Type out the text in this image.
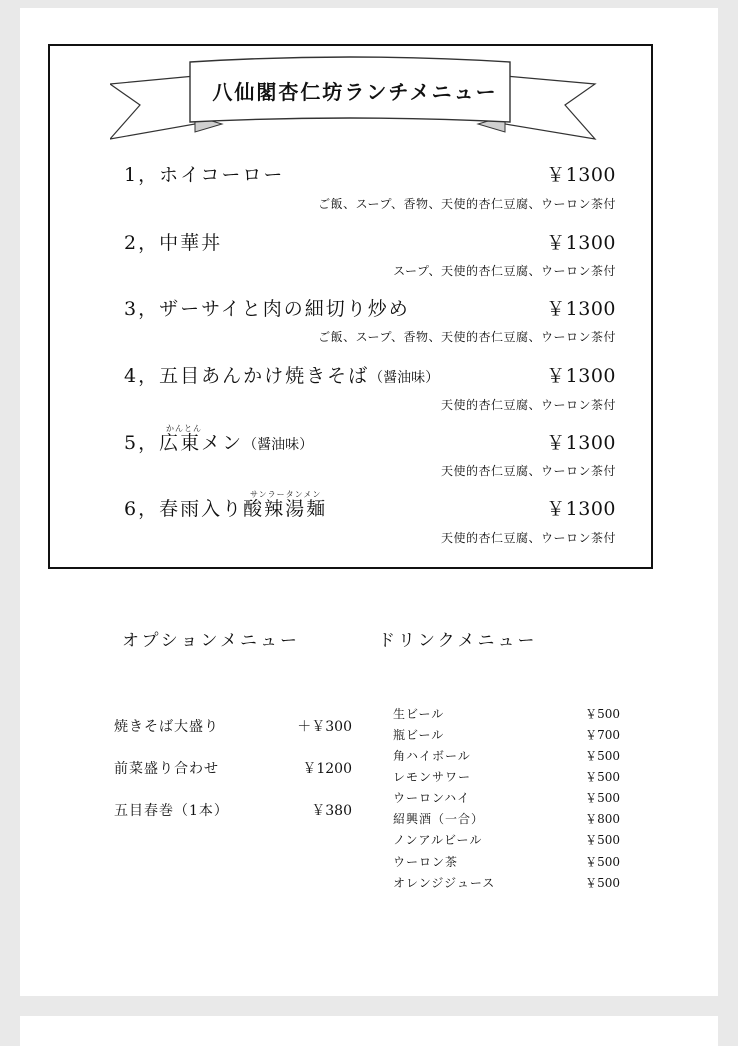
八仙閣杏仁坊ランチメニュー
1，ホイコーロー	￥1300
ご飯、スープ、香物、天使的杏仁豆腐、ウーロン茶付
2，中華丼	￥1300
スープ、天使的杏仁豆腐、ウーロン茶付
3，ザーサイと肉の細切り炒め	￥1300
ご飯、スープ、香物、天使的杏仁豆腐、ウーロン茶付
4，五目あんかけ焼きそば（醤油味）	￥1300
天使的杏仁豆腐、ウーロン茶付
かんとん
5，広東メン（醤油味）	￥1300
天使的杏仁豆腐、ウーロン茶付
サンラータンメン
6，春雨入り酸辣湯麺	￥1300
天使的杏仁豆腐、ウーロン茶付
オプションメニュー	ドリンクメニュー
焼きそば大盛り	＋￥300
前菜盛り合わせ	￥1200
五目春巻（1本）	￥380
生ビール	￥500
瓶ビール	￥700
角ハイボール	￥500
レモンサワー	￥500
ウーロンハイ	￥500
紹興酒（一合）	￥800
ノンアルビール	￥500
ウーロン茶	￥500
オレンジジュース	￥500
